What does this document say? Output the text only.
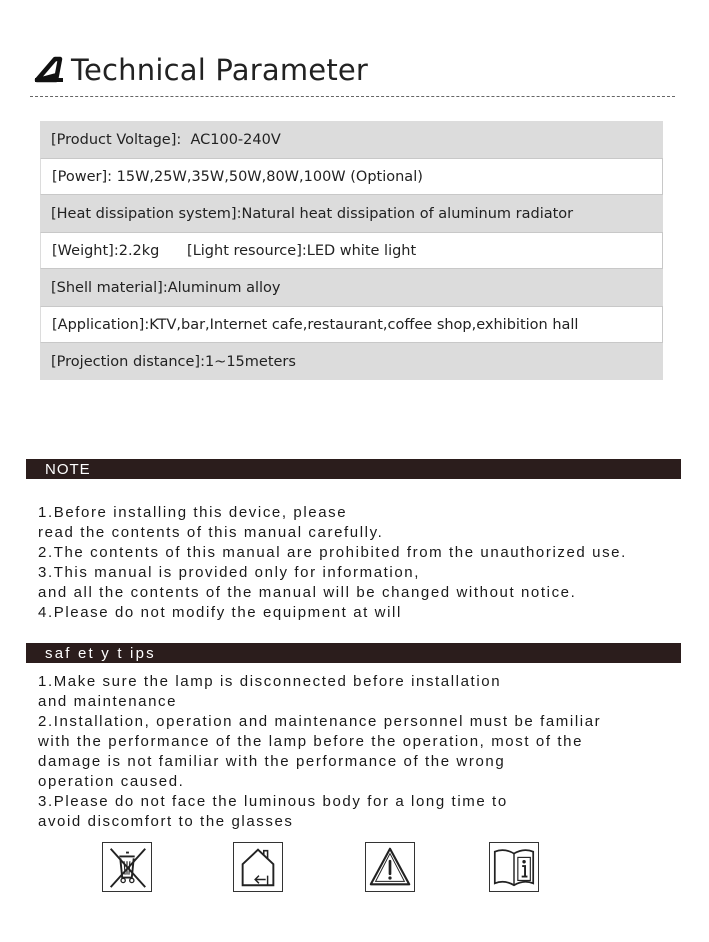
Technical Parameter
[Product Voltage]:  AC100-240V
[Power]: 15W,25W,35W,50W,80W,100W (Optional)
[Heat dissipation system]:Natural heat dissipation of aluminum radiator
[Weight]:2.2kg      [Light resource]:LED white light
[Shell material]:Aluminum alloy
[Application]:KTV,bar,Internet cafe,restaurant,coffee shop,exhibition hall
[Projection distance]:1~15meters
NOTE
1.Before installing this device, please
read the contents of this manual carefully.
2.The contents of this manual are prohibited from the unauthorized use.
3.This manual is provided only for information,
and all the contents of the manual will be changed without notice.
4.Please do not modify the equipment at will
saf et y t ips
1.Make sure the lamp is disconnected before installation
and maintenance
2.Installation, operation and maintenance personnel must be familiar
with the performance of the lamp before the operation, most of the
damage is not familiar with the performance of the wrong
operation caused.
3.Please do not face the luminous body for a long time to
avoid discomfort to the glasses
